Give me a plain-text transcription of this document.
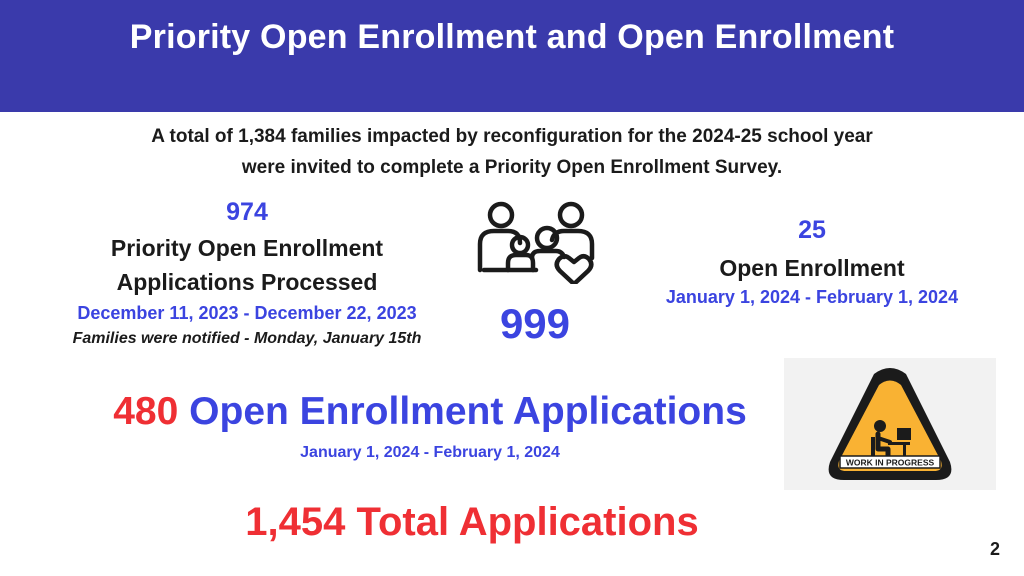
Priority Open Enrollment and Open Enrollment
A total of 1,384 families impacted by reconfiguration for the 2024-25 school year
were invited to complete a Priority Open Enrollment Survey.
974
Priority Open Enrollment
Applications Processed
December 11, 2023 - December 22, 2023
Families were notified - Monday, January 15th	999
25
Open Enrollment
January 1, 2024 - February 1, 2024
480 Open Enrollment Applications
January 1, 2024 - February 1, 2024
WORK IN PROGRESS
1,454 Total Applications
2
